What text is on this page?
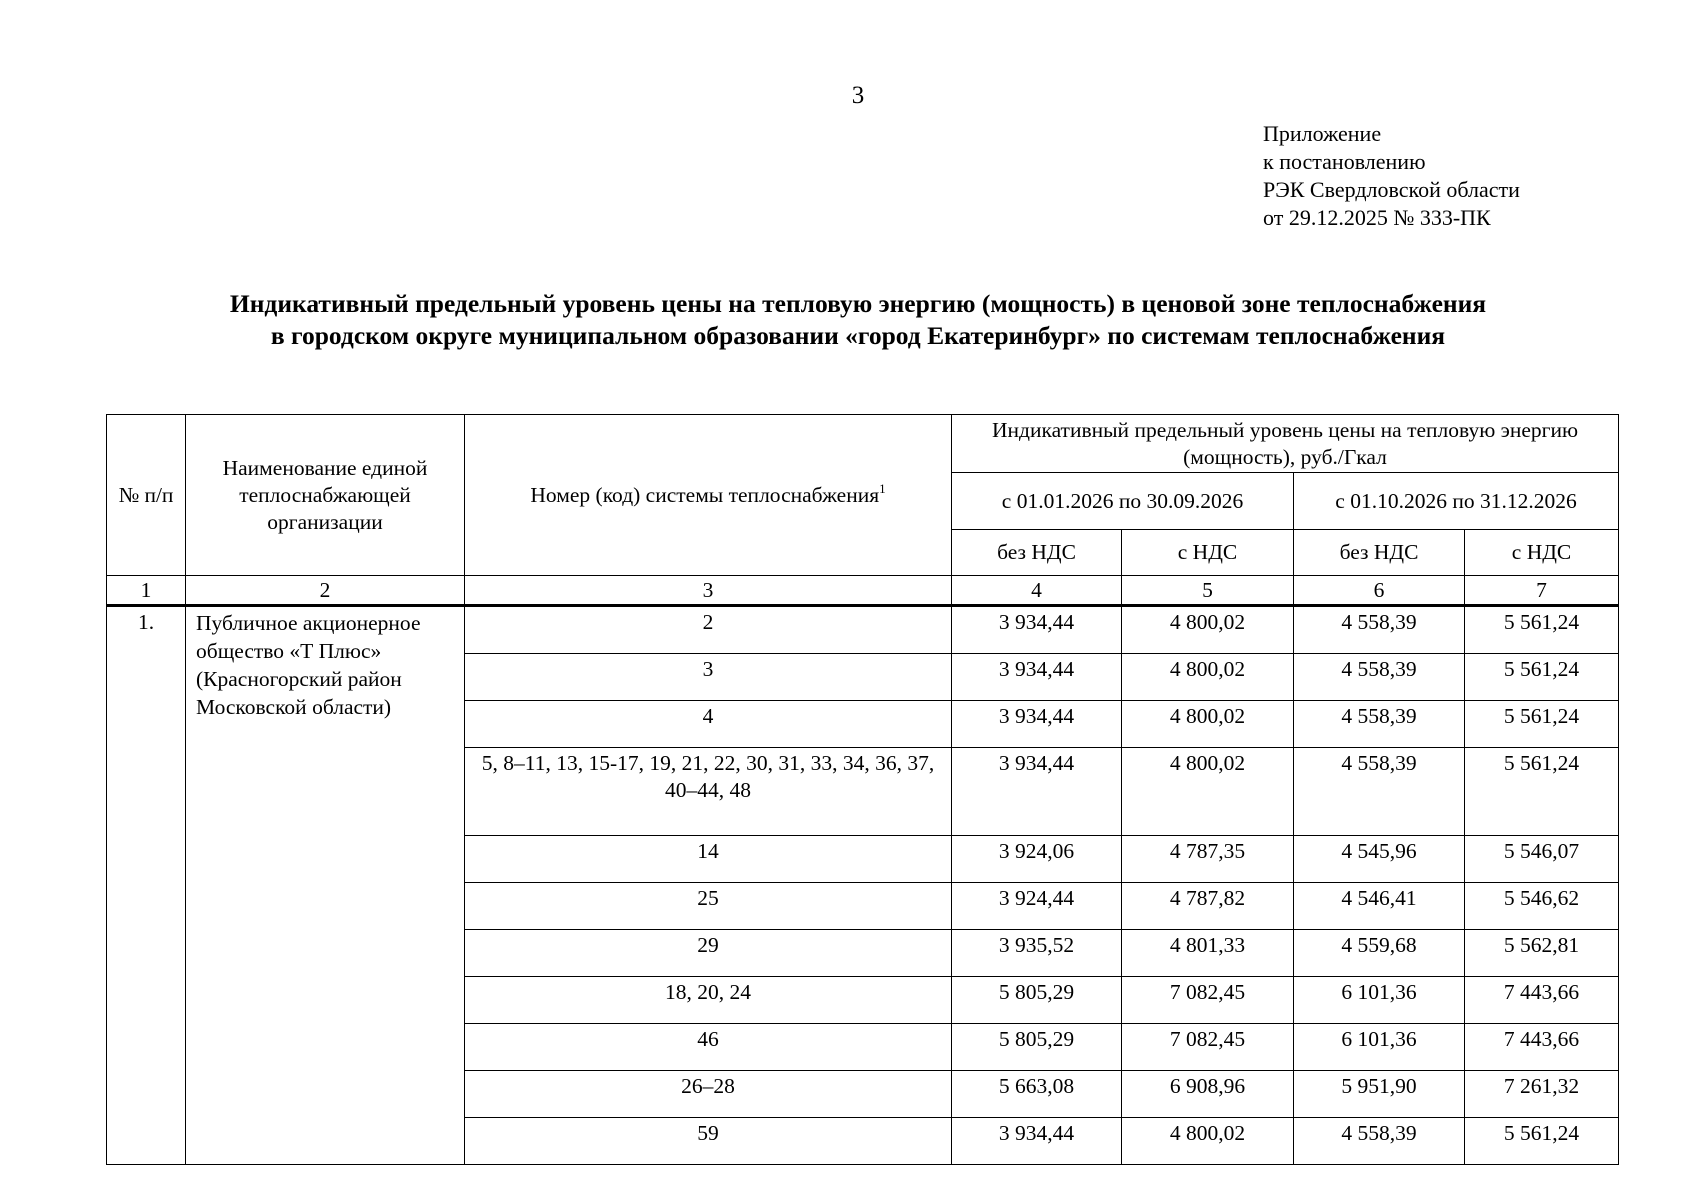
3
Приложение
к постановлению
РЭК Свердловской области
от 29.12.2025 № 333-ПК
Индикативный предельный уровень цены на тепловую энергию (мощность) в ценовой зоне теплоснабжения
в городском округе муниципальном образовании «город Екатеринбург» по системам теплоснабжения
№ п/п	Наименование единой теплоснабжающей организации	Номер (код) системы теплоснабжения$^1$	Индикативный предельный уровень цены на тепловую энергию (мощность), руб./Гкал			
			с 01.01.2026 по 30.09.2026		с 01.10.2026 по 31.12.2026	
			без НДС	с НДС	без НДС	с НДС
1	2	3	4	5	6	7
1.	Публичное акционерное общество «Т Плюс» (Красногорский район Московской области)	2	3 934,44	4 800,02	4 558,39	5 561,24
		3	3 934,44	4 800,02	4 558,39	5 561,24
		4	3 934,44	4 800,02	4 558,39	5 561,24
		5, 8–11, 13, 15-17, 19, 21, 22, 30, 31, 33, 34, 36, 37, 40–44, 48	3 934,44	4 800,02	4 558,39	5 561,24
		14	3 924,06	4 787,35	4 545,96	5 546,07
		25	3 924,44	4 787,82	4 546,41	5 546,62
		29	3 935,52	4 801,33	4 559,68	5 562,81
		18, 20, 24	5 805,29	7 082,45	6 101,36	7 443,66
		46	5 805,29	7 082,45	6 101,36	7 443,66
		26–28	5 663,08	6 908,96	5 951,90	7 261,32
		59	3 934,44	4 800,02	4 558,39	5 561,24
